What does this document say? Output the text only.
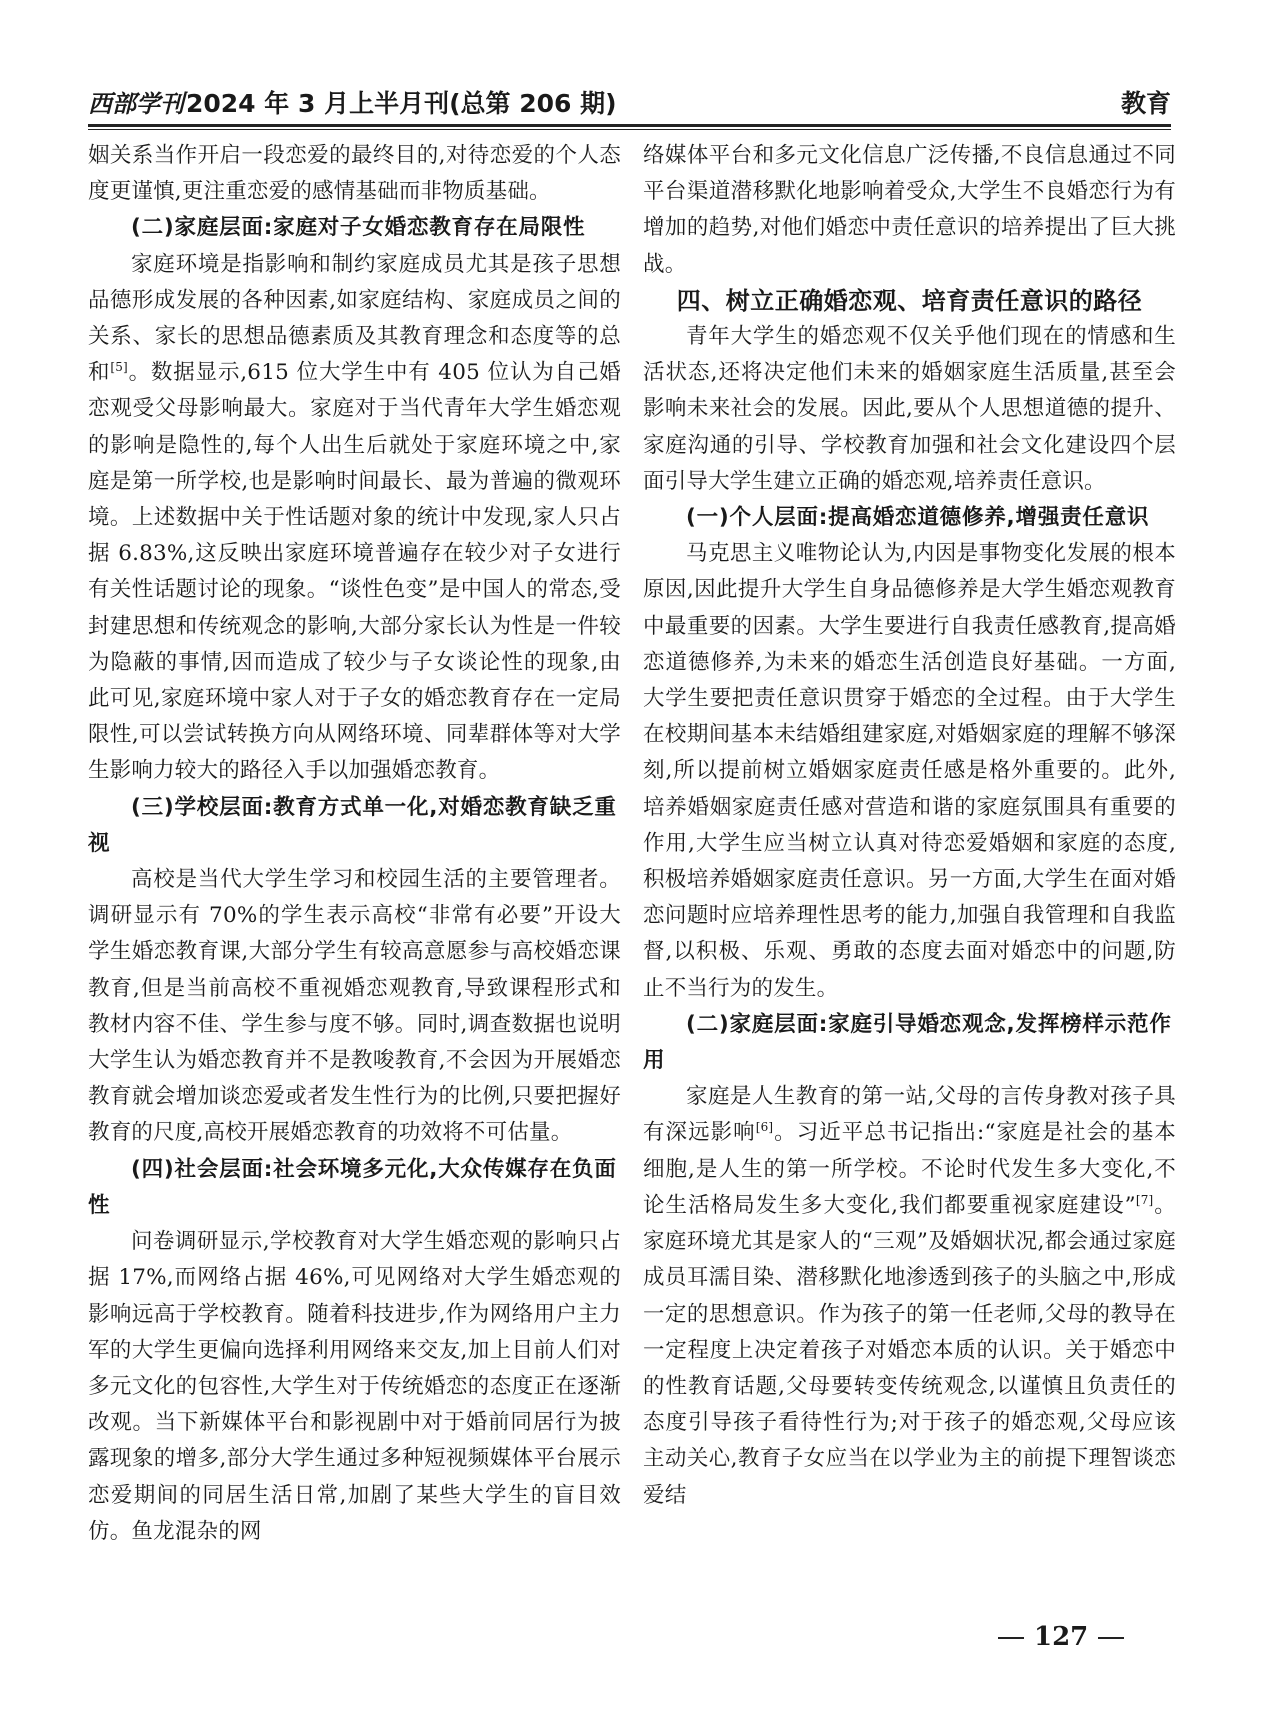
西部学刊2024 年 3 月上半月刊(总第 206 期)	教育

姻关系当作开启一段恋爱的最终目的,对待恋爱的个人态度更谨慎,更注重恋爱的感情基础而非物质基础。

(二)家庭层面:家庭对子女婚恋教育存在局限性

家庭环境是指影响和制约家庭成员尤其是孩子思想品德形成发展的各种因素,如家庭结构、家庭成员之间的关系、家长的思想品德素质及其教育理念和态度等的总和[5]。数据显示,615 位大学生中有 405 位认为自己婚恋观受父母影响最大。家庭对于当代青年大学生婚恋观的影响是隐性的,每个人出生后就处于家庭环境之中,家庭是第一所学校,也是影响时间最长、最为普遍的微观环境。上述数据中关于性话题对象的统计中发现,家人只占据 6.83%,这反映出家庭环境普遍存在较少对子女进行有关性话题讨论的现象。“谈性色变”是中国人的常态,受封建思想和传统观念的影响,大部分家长认为性是一件较为隐蔽的事情,因而造成了较少与子女谈论性的现象,由此可见,家庭环境中家人对于子女的婚恋教育存在一定局限性,可以尝试转换方向从网络环境、同辈群体等对大学生影响力较大的路径入手以加强婚恋教育。

(三)学校层面:教育方式单一化,对婚恋教育缺乏重视

高校是当代大学生学习和校园生活的主要管理者。调研显示有 70%的学生表示高校“非常有必要”开设大学生婚恋教育课,大部分学生有较高意愿参与高校婚恋课教育,但是当前高校不重视婚恋观教育,导致课程形式和教材内容不佳、学生参与度不够。同时,调查数据也说明大学生认为婚恋教育并不是教唆教育,不会因为开展婚恋教育就会增加谈恋爱或者发生性行为的比例,只要把握好教育的尺度,高校开展婚恋教育的功效将不可估量。

(四)社会层面:社会环境多元化,大众传媒存在负面性

问卷调研显示,学校教育对大学生婚恋观的影响只占据 17%,而网络占据 46%,可见网络对大学生婚恋观的影响远高于学校教育。随着科技进步,作为网络用户主力军的大学生更偏向选择利用网络来交友,加上目前人们对多元文化的包容性,大学生对于传统婚恋的态度正在逐渐改观。当下新媒体平台和影视剧中对于婚前同居行为披露现象的增多,部分大学生通过多种短视频媒体平台展示恋爱期间的同居生活日常,加剧了某些大学生的盲目效仿。鱼龙混杂的网

络媒体平台和多元文化信息广泛传播,不良信息通过不同平台渠道潜移默化地影响着受众,大学生不良婚恋行为有增加的趋势,对他们婚恋中责任意识的培养提出了巨大挑战。

四、树立正确婚恋观、培育责任意识的路径

青年大学生的婚恋观不仅关乎他们现在的情感和生活状态,还将决定他们未来的婚姻家庭生活质量,甚至会影响未来社会的发展。因此,要从个人思想道德的提升、家庭沟通的引导、学校教育加强和社会文化建设四个层面引导大学生建立正确的婚恋观,培养责任意识。

(一)个人层面:提高婚恋道德修养,增强责任意识

马克思主义唯物论认为,内因是事物变化发展的根本原因,因此提升大学生自身品德修养是大学生婚恋观教育中最重要的因素。大学生要进行自我责任感教育,提高婚恋道德修养,为未来的婚恋生活创造良好基础。一方面,大学生要把责任意识贯穿于婚恋的全过程。由于大学生在校期间基本未结婚组建家庭,对婚姻家庭的理解不够深刻,所以提前树立婚姻家庭责任感是格外重要的。此外,培养婚姻家庭责任感对营造和谐的家庭氛围具有重要的作用,大学生应当树立认真对待恋爱婚姻和家庭的态度,积极培养婚姻家庭责任意识。另一方面,大学生在面对婚恋问题时应培养理性思考的能力,加强自我管理和自我监督,以积极、乐观、勇敢的态度去面对婚恋中的问题,防止不当行为的发生。

(二)家庭层面:家庭引导婚恋观念,发挥榜样示范作用

家庭是人生教育的第一站,父母的言传身教对孩子具有深远影响[6]。习近平总书记指出:“家庭是社会的基本细胞,是人生的第一所学校。不论时代发生多大变化,不论生活格局发生多大变化,我们都要重视家庭建设”[7]。家庭环境尤其是家人的“三观”及婚姻状况,都会通过家庭成员耳濡目染、潜移默化地渗透到孩子的头脑之中,形成一定的思想意识。作为孩子的第一任老师,父母的教导在一定程度上决定着孩子对婚恋本质的认识。关于婚恋中的性教育话题,父母要转变传统观念,以谨慎且负责任的态度引导孩子看待性行为;对于孩子的婚恋观,父母应该主动关心,教育子女应当在以学业为主的前提下理智谈恋爱结

127
